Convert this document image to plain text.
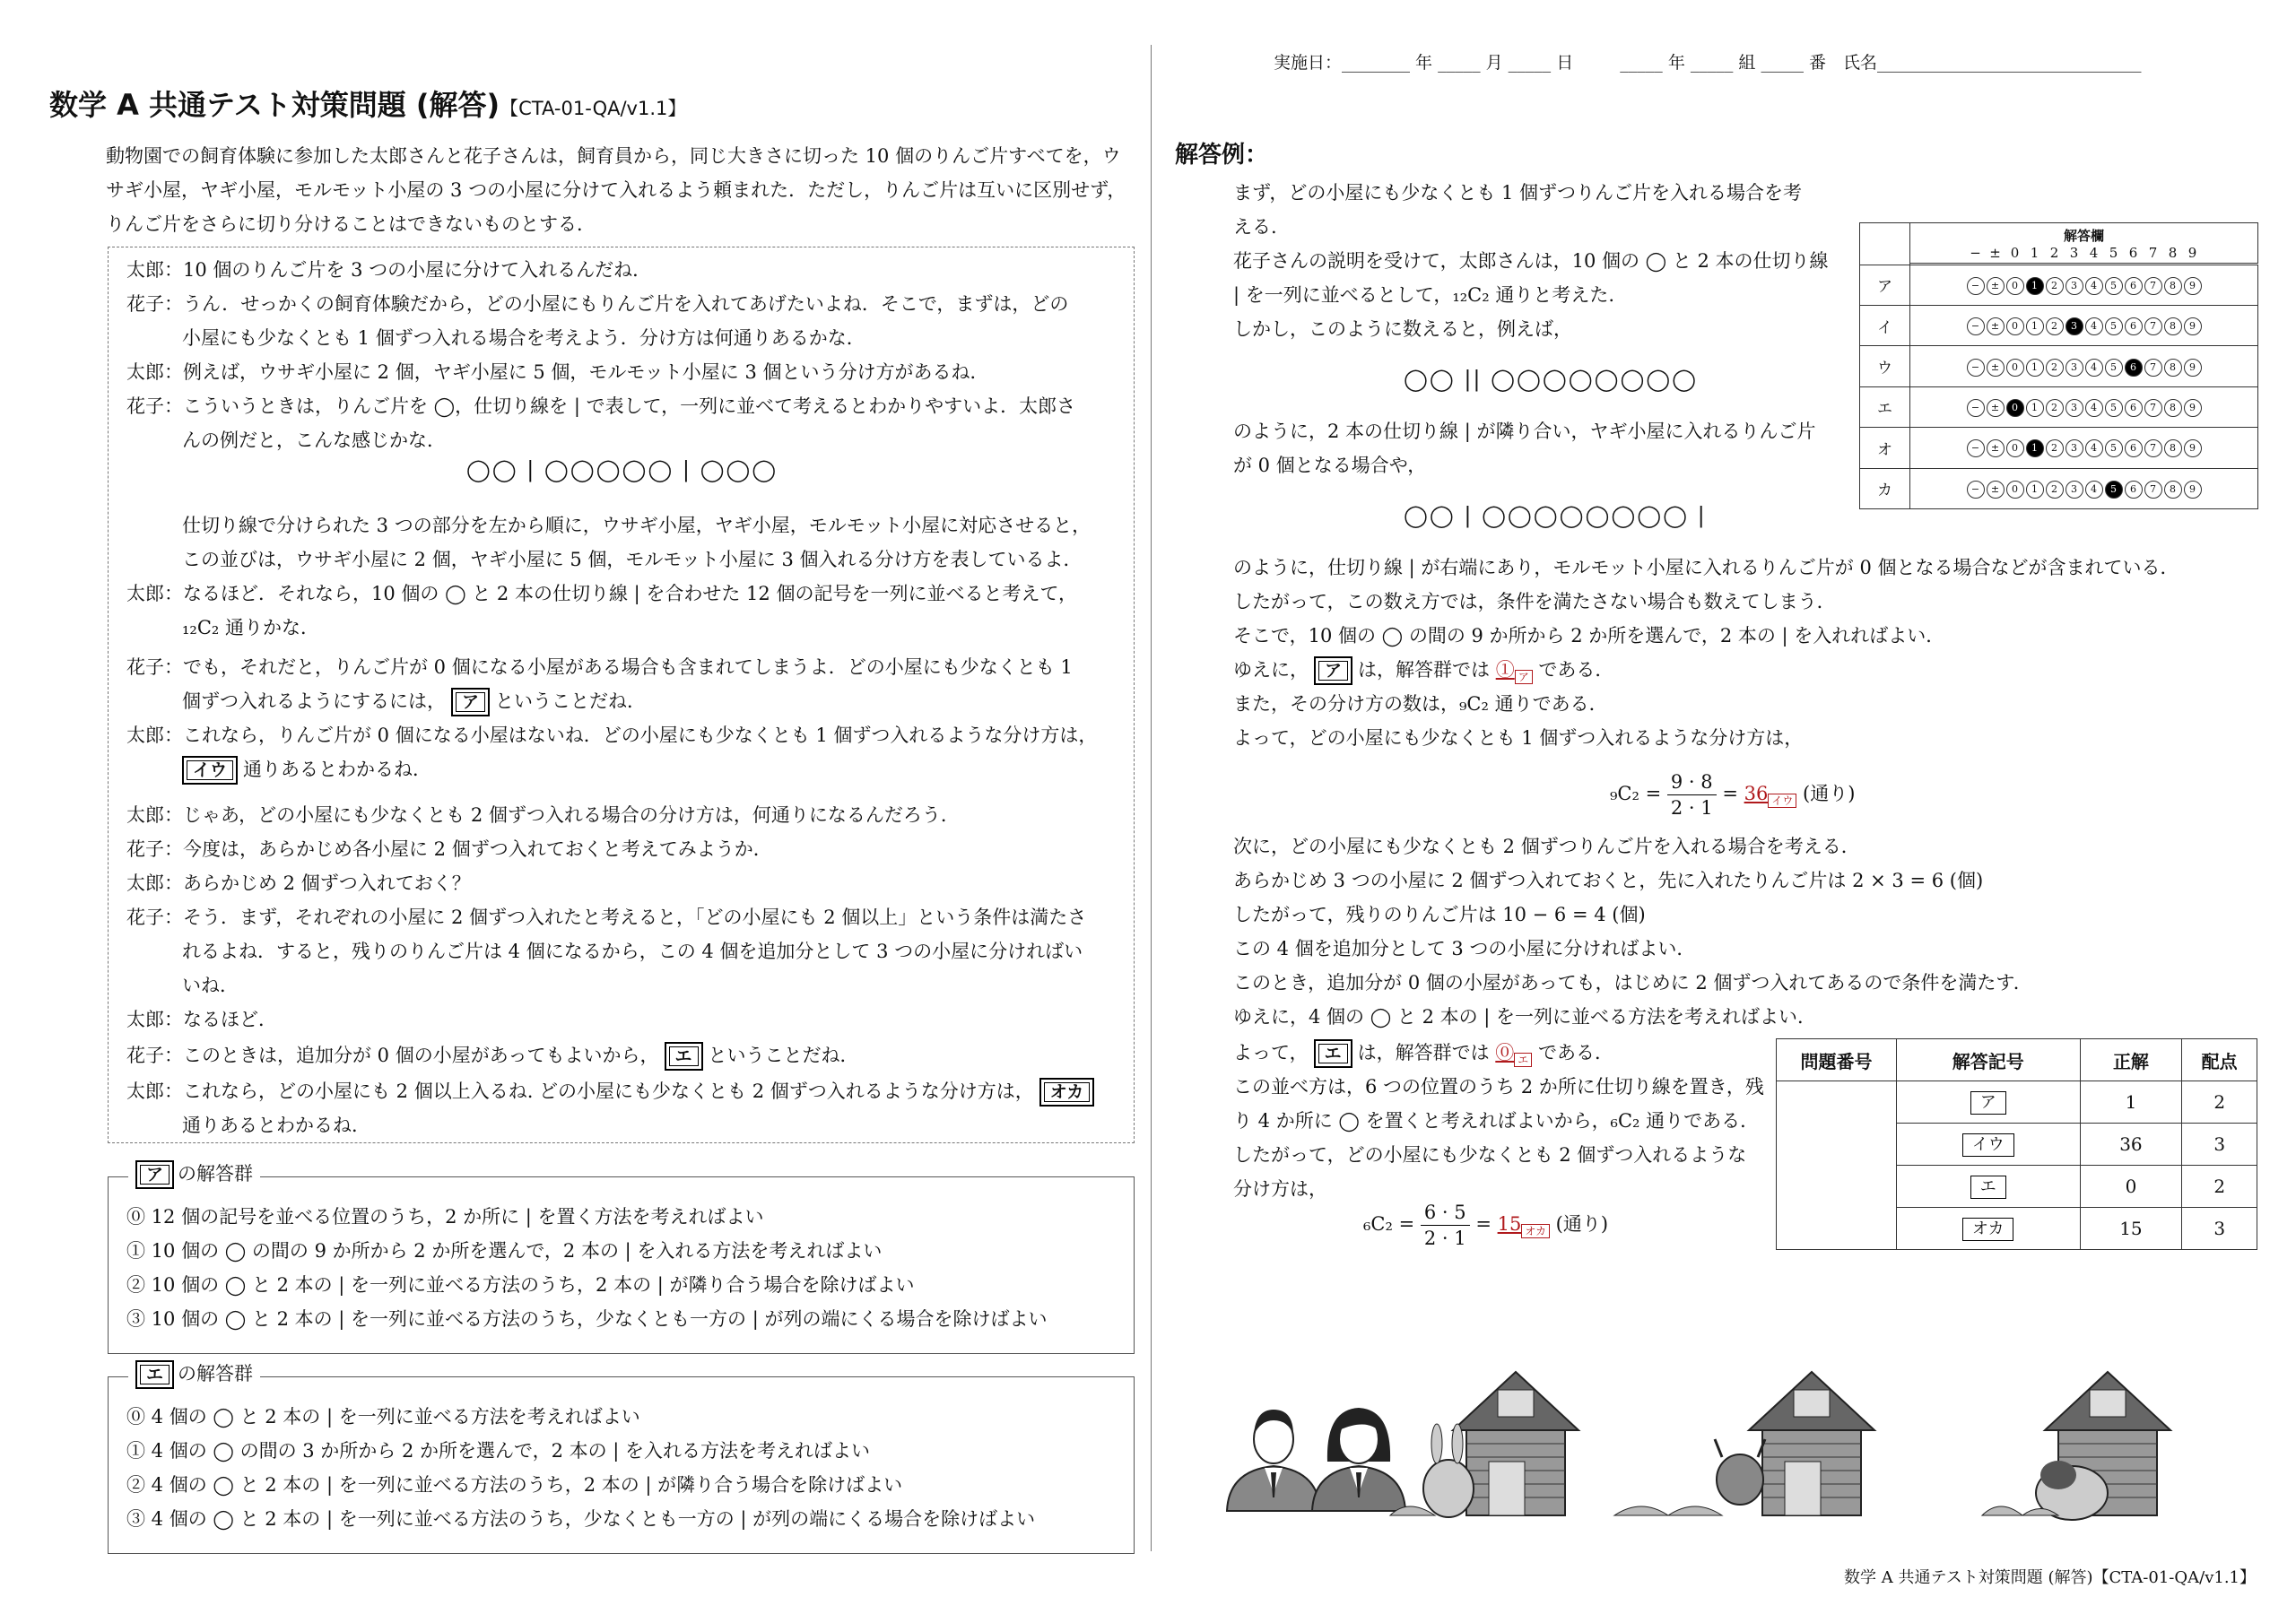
数学 A 共通テスト対策問題 (解答)【CTA-01-QA/v1.1】
動物園での飼育体験に参加した太郎さんと花子さんは，飼育員から，同じ大きさに切った 10 個のりんご片すべてを，ウサギ小屋，ヤギ小屋，モルモット小屋の 3 つの小屋に分けて入れるよう頼まれた．ただし，りんご片は互いに区別せず，りんご片をさらに切り分けることはできないものとする．
太郎：10 個のりんご片を 3 つの小屋に分けて入れるんだね．
花子：うん．せっかくの飼育体験だから，どの小屋にもりんご片を入れてあげたいよね．そこで，まずは，どの
小屋にも少なくとも 1 個ずつ入れる場合を考えよう．分け方は何通りあるかな．
太郎：例えば，ウサギ小屋に 2 個，ヤギ小屋に 5 個，モルモット小屋に 3 個という分け方があるね．
花子：こういうときは，りんご片を ◯，仕切り線を | で表して，一列に並べて考えるとわかりやすいよ．太郎さ
んの例だと，こんな感じかな．
◯◯ | ◯◯◯◯◯ | ◯◯◯
仕切り線で分けられた 3 つの部分を左から順に，ウサギ小屋，ヤギ小屋，モルモット小屋に対応させると，
この並びは，ウサギ小屋に 2 個，ヤギ小屋に 5 個，モルモット小屋に 3 個入れる分け方を表しているよ．
太郎：なるほど．それなら，10 個の ◯ と 2 本の仕切り線 | を合わせた 12 個の記号を一列に並べると考えて，
₁₂C₂ 通りかな．
花子：でも，それだと，りんご片が 0 個になる小屋がある場合も含まれてしまうよ．どの小屋にも少なくとも 1
個ずつ入れるようにするには， ア ということだね．
太郎：これなら，りんご片が 0 個になる小屋はないね．どの小屋にも少なくとも 1 個ずつ入れるような分け方は，
イウ 通りあるとわかるね．
太郎：じゃあ，どの小屋にも少なくとも 2 個ずつ入れる場合の分け方は，何通りになるんだろう．
花子：今度は，あらかじめ各小屋に 2 個ずつ入れておくと考えてみようか．
太郎：あらかじめ 2 個ずつ入れておく？
花子：そう．まず，それぞれの小屋に 2 個ずつ入れたと考えると，「どの小屋にも 2 個以上」という条件は満たさ
れるよね．すると，残りのりんご片は 4 個になるから，この 4 個を追加分として 3 つの小屋に分ければい
いね．
太郎：なるほど．
花子：このときは，追加分が 0 個の小屋があってもよいから， エ ということだね．
太郎：これなら，どの小屋にも 2 個以上入るね. どの小屋にも少なくとも 2 個ずつ入れるような分け方は， オカ
通りあるとわかるね．
ア の解答群
⓪ 12 個の記号を並べる位置のうち，2 か所に | を置く方法を考えればよい
① 10 個の ◯ の間の 9 か所から 2 か所を選んで，2 本の | を入れる方法を考えればよい
② 10 個の ◯ と 2 本の | を一列に並べる方法のうち，2 本の | が隣り合う場合を除けばよい
③ 10 個の ◯ と 2 本の | を一列に並べる方法のうち，少なくとも一方の | が列の端にくる場合を除けばよい
エ の解答群
⓪ 4 個の ◯ と 2 本の | を一列に並べる方法を考えればよい
① 4 個の ◯ の間の 3 か所から 2 か所を選んで，2 本の | を入れる方法を考えればよい
② 4 個の ◯ と 2 本の | を一列に並べる方法のうち，2 本の | が隣り合う場合を除けばよい
③ 4 個の ◯ と 2 本の | を一列に並べる方法のうち，少なくとも一方の | が列の端にくる場合を除けばよい
実施日：________ 年 _____ 月 _____ 日	_____ 年 _____ 組 _____ 番　氏名_______________________________
解答例：
まず，どの小屋にも少なくとも 1 個ずつりんご片を入れる場合を考
える.
花子さんの説明を受けて，太郎さんは，10 個の ◯ と 2 本の仕切り線
| を一列に並べるとして，₁₂C₂ 通りと考えた.
しかし，このように数えると，例えば，
◯◯ || ◯◯◯◯◯◯◯◯
のように，2 本の仕切り線 | が隣り合い，ヤギ小屋に入れるりんご片
が 0 個となる場合や，
◯◯ | ◯◯◯◯◯◯◯◯ |
のように，仕切り線 | が右端にあり，モルモット小屋に入れるりんご片が 0 個となる場合などが含まれている．
したがって，この数え方では，条件を満たさない場合も数えてしまう．
そこで，10 個の ◯ の間の 9 か所から 2 か所を選んで，2 本の | を入れればよい．
ゆえに， ア は，解答群では ① ア である．
また，その分け方の数は，₉C₂ 通りである．
よって，どの小屋にも少なくとも 1 個ずつ入れるような分け方は，
$_9C_2 = \frac{9 \cdot 8}{2 \cdot 1} = 36$ イウ (通り)
次に，どの小屋にも少なくとも 2 個ずつりんご片を入れる場合を考える．
あらかじめ 3 つの小屋に 2 個ずつ入れておくと，先に入れたりんご片は 2 × 3 = 6 (個)
したがって，残りのりんご片は 10 − 6 = 4 (個)
この 4 個を追加分として 3 つの小屋に分ければよい．
このとき，追加分が 0 個の小屋があっても，はじめに 2 個ずつ入れてあるので条件を満たす．
ゆえに，4 個の ◯ と 2 本の | を一列に並べる方法を考えればよい．
よって， エ は，解答群では ⓪ エ である．
この並べ方は，6 つの位置のうち 2 か所に仕切り線を置き，残
り 4 か所に ◯ を置くと考えればよいから，₆C₂ 通りである．
したがって，どの小屋にも少なくとも 2 個ずつ入れるような
分け方は，
$_6C_2 = \frac{6 \cdot 5}{2 \cdot 1} = 15$ オカ (通り)

	解答欄
− ± 0 1 2 3 4 5 6 7 8 9

ア	− ± 0 1 2 3 4 5 6 7 8 9
イ	− ± 0 1 2 3 4 5 6 7 8 9
ウ	− ± 0 1 2 3 4 5 6 7 8 9
エ	− ± 0 1 2 3 4 5 6 7 8 9
オ	− ± 0 1 2 3 4 5 6 7 8 9
カ	− ± 0 1 2 3 4 5 6 7 8 9
問題番号	解答記号	正解	配点
	ア	1	2
	イウ	36	3
	エ	0	2
	オカ	15	3
数学 A 共通テスト対策問題 (解答)【CTA-01-QA/v1.1】
